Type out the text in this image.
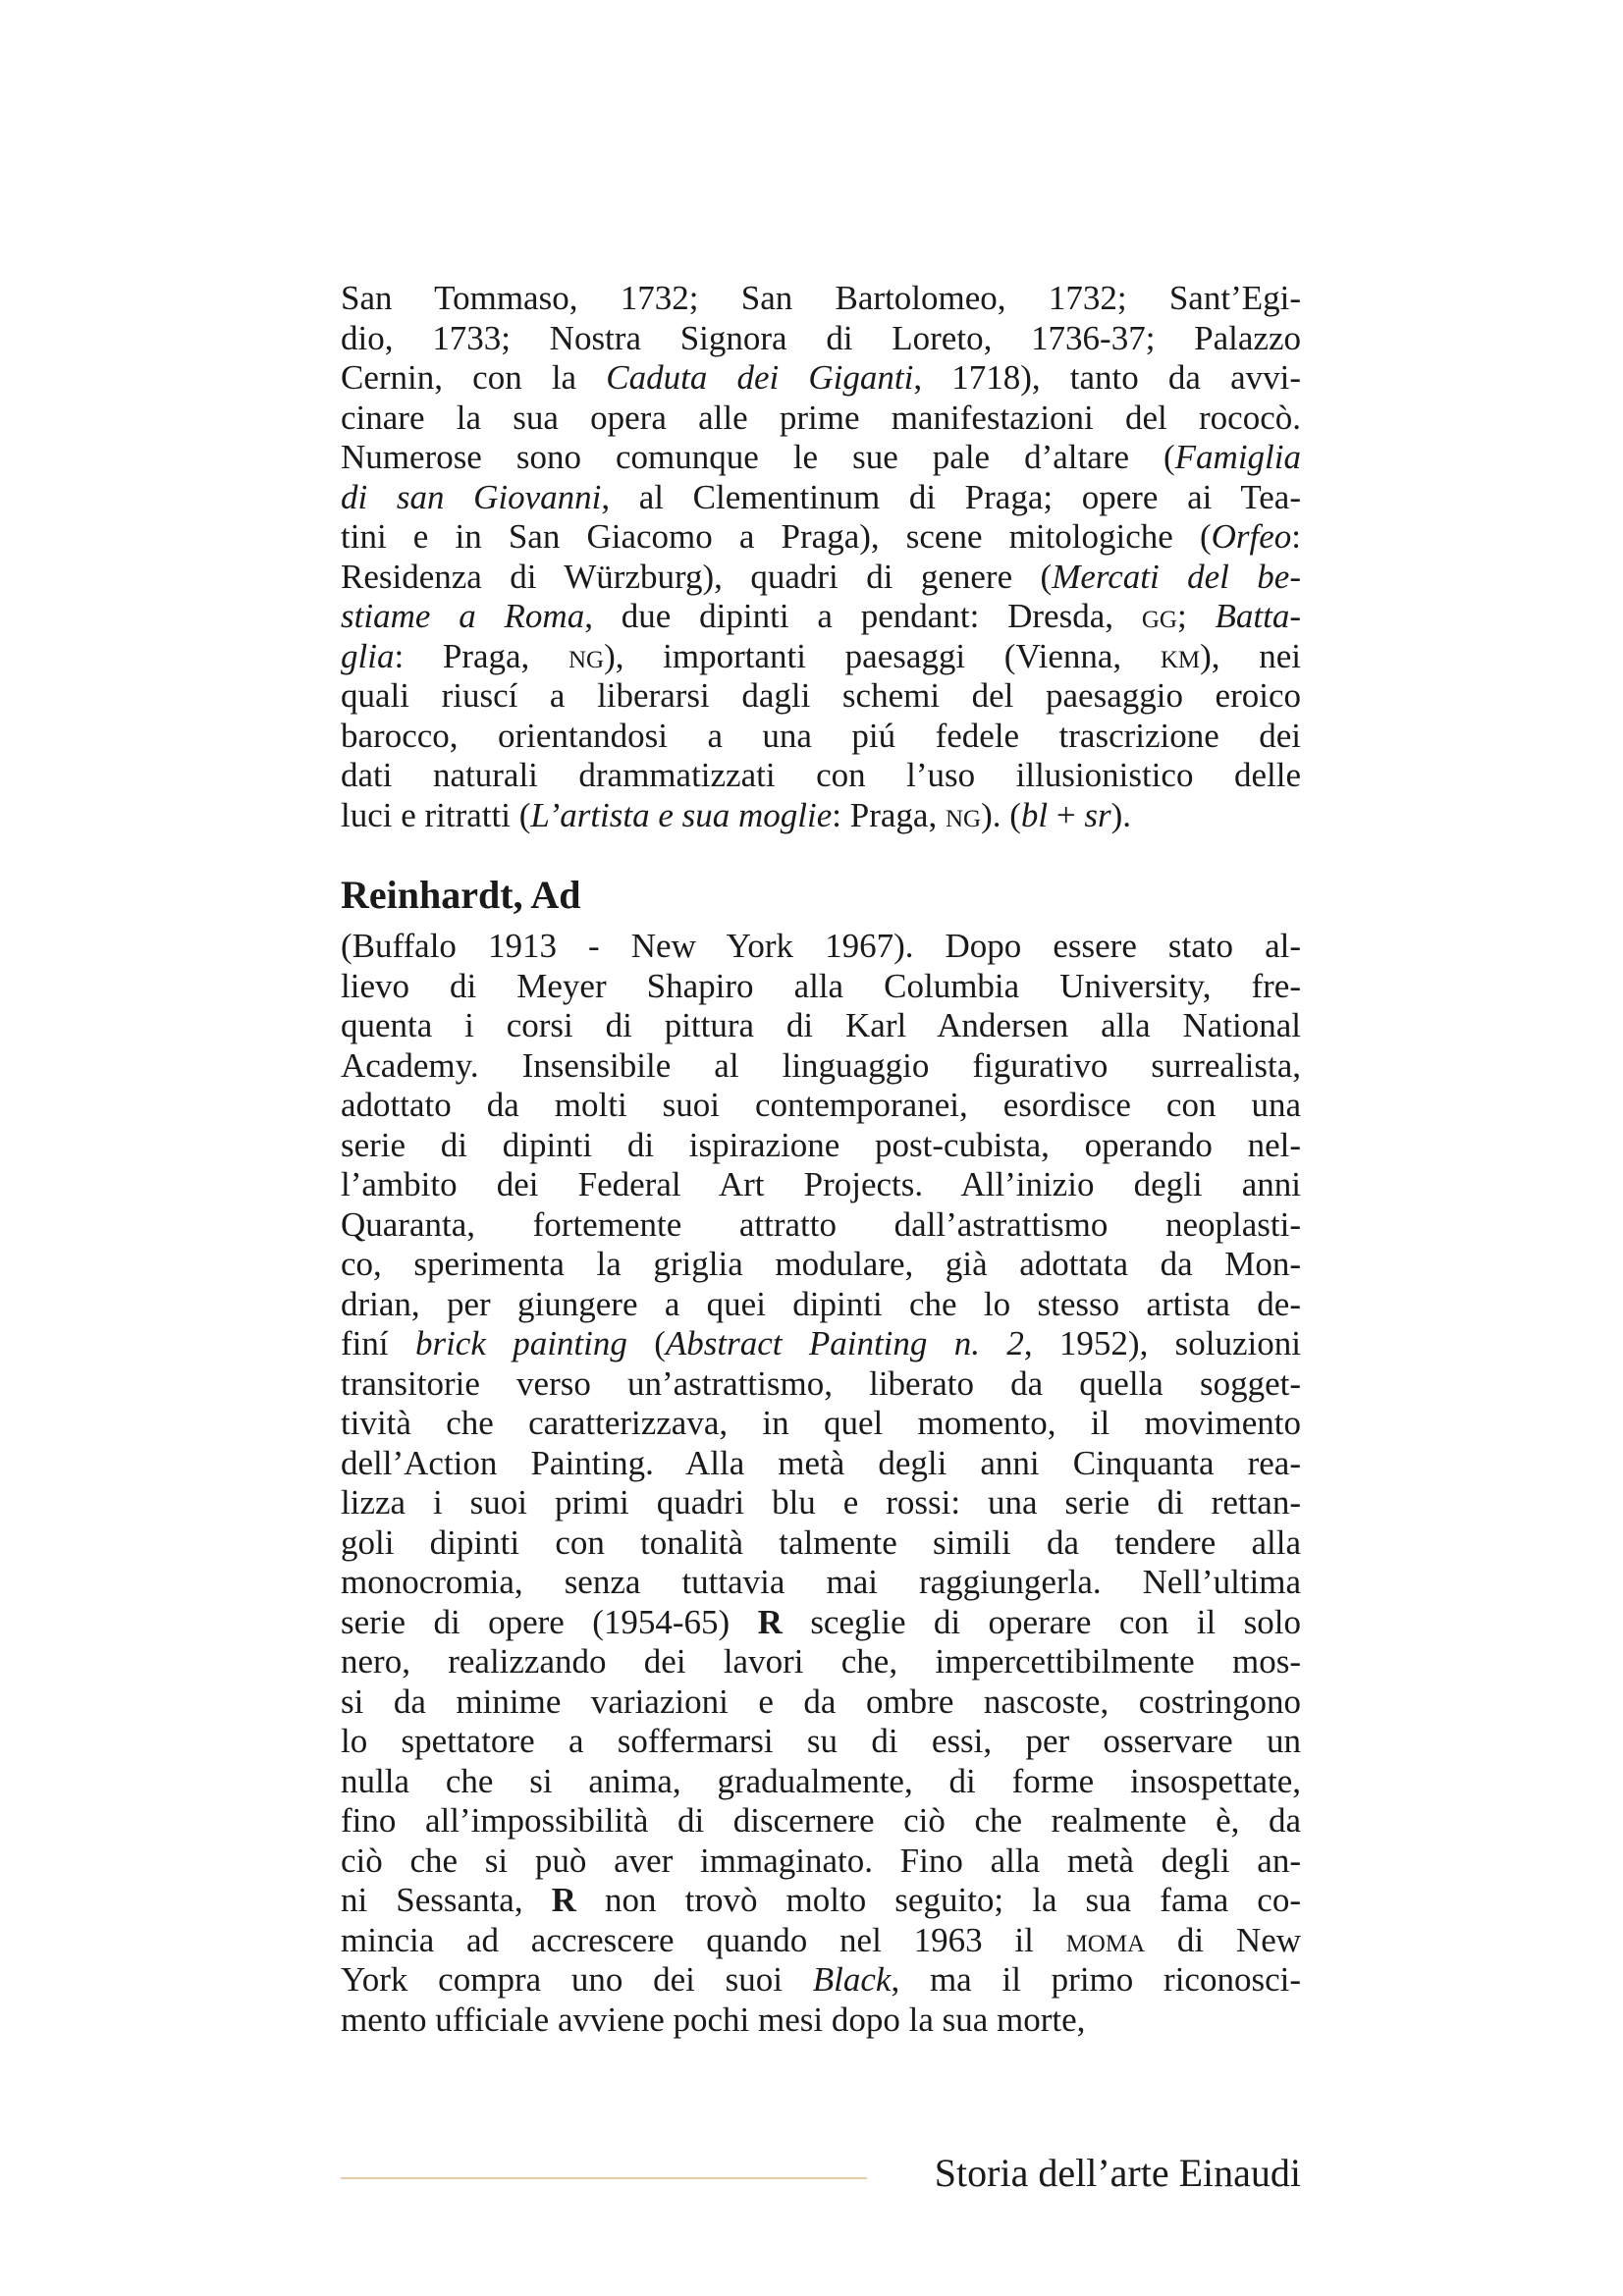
San Tommaso, 1732; San Bartolomeo, 1732; Sant’Egi-
dio, 1733; Nostra Signora di Loreto, 1736-37; Palazzo
Cernin, con la Caduta dei Giganti, 1718), tanto da avvi-
cinare la sua opera alle prime manifestazioni del rococò.
Numerose sono comunque le sue pale d’altare (Famiglia
di san Giovanni, al Clementinum di Praga; opere ai Tea-
tini e in San Giacomo a Praga), scene mitologiche (Orfeo:
Residenza di Würzburg), quadri di genere (Mercati del be-
stiame a Roma, due dipinti a pendant: Dresda, gg; Batta-
glia: Praga, ng), importanti paesaggi (Vienna, km), nei
quali riuscí a liberarsi dagli schemi del paesaggio eroico
barocco, orientandosi a una piú fedele trascrizione dei
dati naturali drammatizzati con l’uso illusionistico delle
luci e ritratti (L’artista e sua moglie: Praga, ng). (bl + sr).
Reinhardt, Ad
(Buffalo 1913 - New York 1967). Dopo essere stato al-
lievo di Meyer Shapiro alla Columbia University, fre-
quenta i corsi di pittura di Karl Andersen alla National
Academy. Insensibile al linguaggio figurativo surrealista,
adottato da molti suoi contemporanei, esordisce con una
serie di dipinti di ispirazione post-cubista, operando nel-
l’ambito dei Federal Art Projects. All’inizio degli anni
Quaranta, fortemente attratto dall’astrattismo neoplasti-
co, sperimenta la griglia modulare, già adottata da Mon-
drian, per giungere a quei dipinti che lo stesso artista de-
finí brick painting (Abstract Painting n. 2, 1952), soluzioni
transitorie verso un’astrattismo, liberato da quella sogget-
tività che caratterizzava, in quel momento, il movimento
dell’Action Painting. Alla metà degli anni Cinquanta rea-
lizza i suoi primi quadri blu e rossi: una serie di rettan-
goli dipinti con tonalità talmente simili da tendere alla
monocromia, senza tuttavia mai raggiungerla. Nell’ultima
serie di opere (1954-65) R sceglie di operare con il solo
nero, realizzando dei lavori che, impercettibilmente mos-
si da minime variazioni e da ombre nascoste, costringono
lo spettatore a soffermarsi su di essi, per osservare un
nulla che si anima, gradualmente, di forme insospettate,
fino all’impossibilità di discernere ciò che realmente è, da
ciò che si può aver immaginato. Fino alla metà degli an-
ni Sessanta, R non trovò molto seguito; la sua fama co-
mincia ad accrescere quando nel 1963 il moma di New
York compra uno dei suoi Black, ma il primo riconosci-
mento ufficiale avviene pochi mesi dopo la sua morte,
Storia dell’arte Einaudi
